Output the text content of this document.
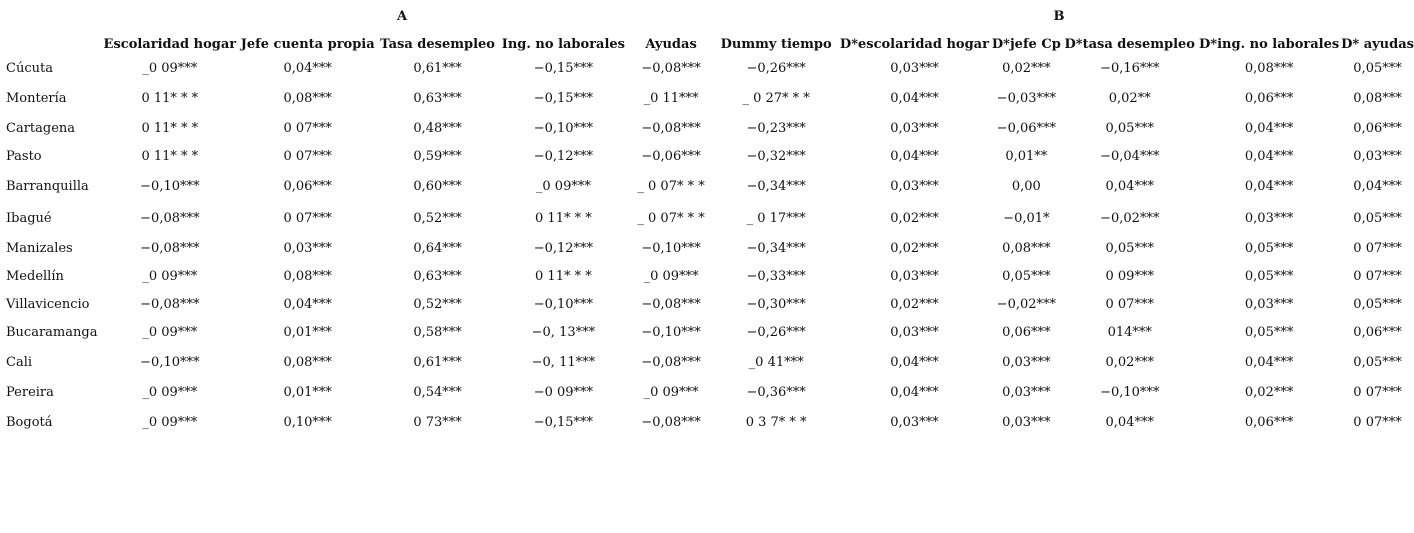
A	B
	Escolaridad hogar	Jefe cuenta propia	Tasa desempleo	Ing. no laborales	Ayudas	Dummy tiempo	D*escolaridad hogar	D*jefe Cp	D*tasa desempleo	D*ing. no laborales	D* ayudas
Cúcuta	_0 09***	0,04***	0,61***	−0,15***	−0,08***	−0,26***	0,03***	0,02***	−0,16***	0,08***	0,05***
Montería	0 11* * *	0,08***	0,63***	−0,15***	_0 11***	_ 0 27* * *	0,04***	−0,03***	0,02**	0,06***	0,08***
Cartagena	0 11* * *	0 07***	0,48***	−0,10***	−0,08***	−0,23***	0,03***	−0,06***	0,05***	0,04***	0,06***
Pasto	0 11* * *	0 07***	0,59***	−0,12***	−0,06***	−0,32***	0,04***	0,01**	−0,04***	0,04***	0,03***
Barranquilla	−0,10***	0,06***	0,60***	_0 09***	_ 0 07* * *	−0,34***	0,03***	0,00	0,04***	0,04***	0,04***
Ibagué	−0,08***	0 07***	0,52***	0 11* * *	_ 0 07* * *	_ 0 17***	0,02***	−0,01*	−0,02***	0,03***	0,05***
Manizales	−0,08***	0,03***	0,64***	−0,12***	−0,10***	−0,34***	0,02***	0,08***	0,05***	0,05***	0 07***
Medellín	_0 09***	0,08***	0,63***	0 11* * *	_0 09***	−0,33***	0,03***	0,05***	0 09***	0,05***	0 07***
Villavicencio	−0,08***	0,04***	0,52***	−0,10***	−0,08***	−0,30***	0,02***	−0,02***	0 07***	0,03***	0,05***
Bucaramanga	_0 09***	0,01***	0,58***	−0, 13***	−0,10***	−0,26***	0,03***	0,06***	014***	0,05***	0,06***
Cali	−0,10***	0,08***	0,61***	−0, 11***	−0,08***	_0 41***	0,04***	0,03***	0,02***	0,04***	0,05***
Pereira	_0 09***	0,01***	0,54***	−0 09***	_0 09***	−0,36***	0,04***	0,03***	−0,10***	0,02***	0 07***
Bogotá	_0 09***	0,10***	0 73***	−0,15***	−0,08***	0 3 7* * *	0,03***	0,03***	0,04***	0,06***	0 07***
